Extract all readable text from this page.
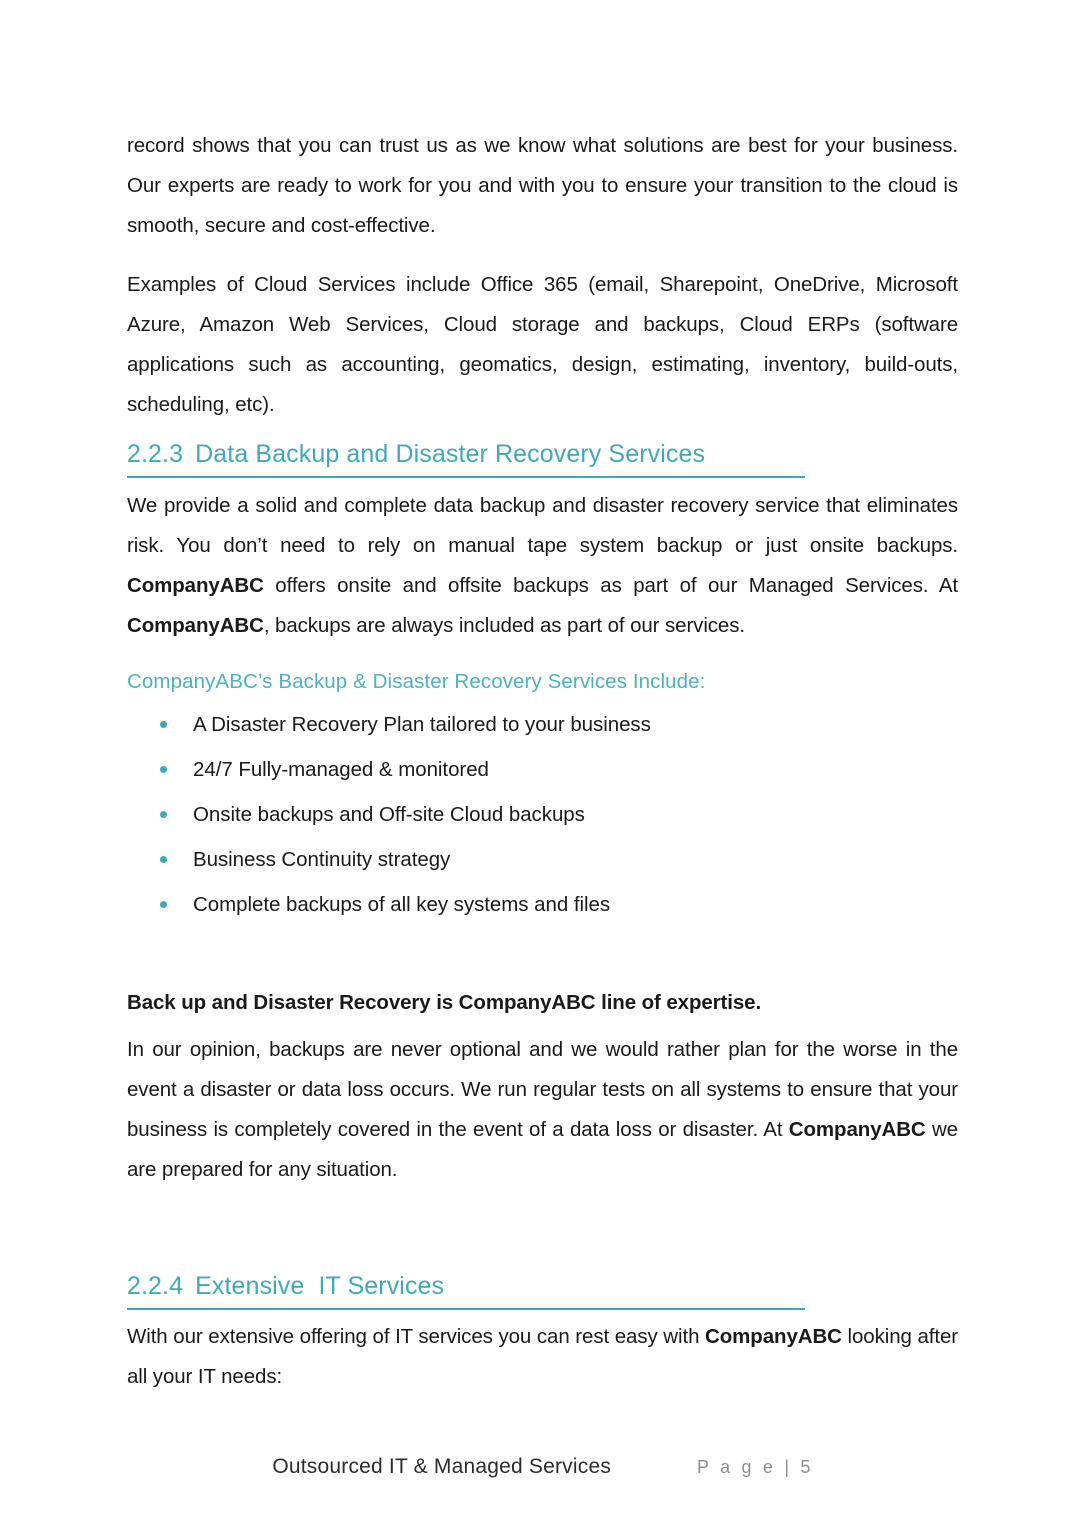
record shows that you can trust us as we know what solutions are best for your business. Our experts are ready to work for you and with you to ensure your transition to the cloud is smooth, secure and cost-effective.

Examples of Cloud Services include Office 365 (email, Sharepoint, OneDrive, Microsoft Azure, Amazon Web Services, Cloud storage and backups, Cloud ERPs (software applications such as accounting, geomatics, design, estimating, inventory, build-outs, scheduling, etc).

2.2.3 Data Backup and Disaster Recovery Services

We provide a solid and complete data backup and disaster recovery service that eliminates risk. You don’t need to rely on manual tape system backup or just onsite backups. CompanyABC offers onsite and offsite backups as part of our Managed Services. At CompanyABC, backups are always included as part of our services.

CompanyABC’s Backup & Disaster Recovery Services Include:

A Disaster Recovery Plan tailored to your business
24/7 Fully-managed & monitored
Onsite backups and Off-site Cloud backups
Business Continuity strategy
Complete backups of all key systems and files

Back up and Disaster Recovery is CompanyABC line of expertise.

In our opinion, backups are never optional and we would rather plan for the worse in the event a disaster or data loss occurs. We run regular tests on all systems to ensure that your business is completely covered in the event of a data loss or disaster. At CompanyABC we are prepared for any situation.

2.2.4 Extensive  IT Services

With our extensive offering of IT services you can rest easy with CompanyABC looking after all your IT needs:

Outsourced IT & Managed Services	P a g e | 5
